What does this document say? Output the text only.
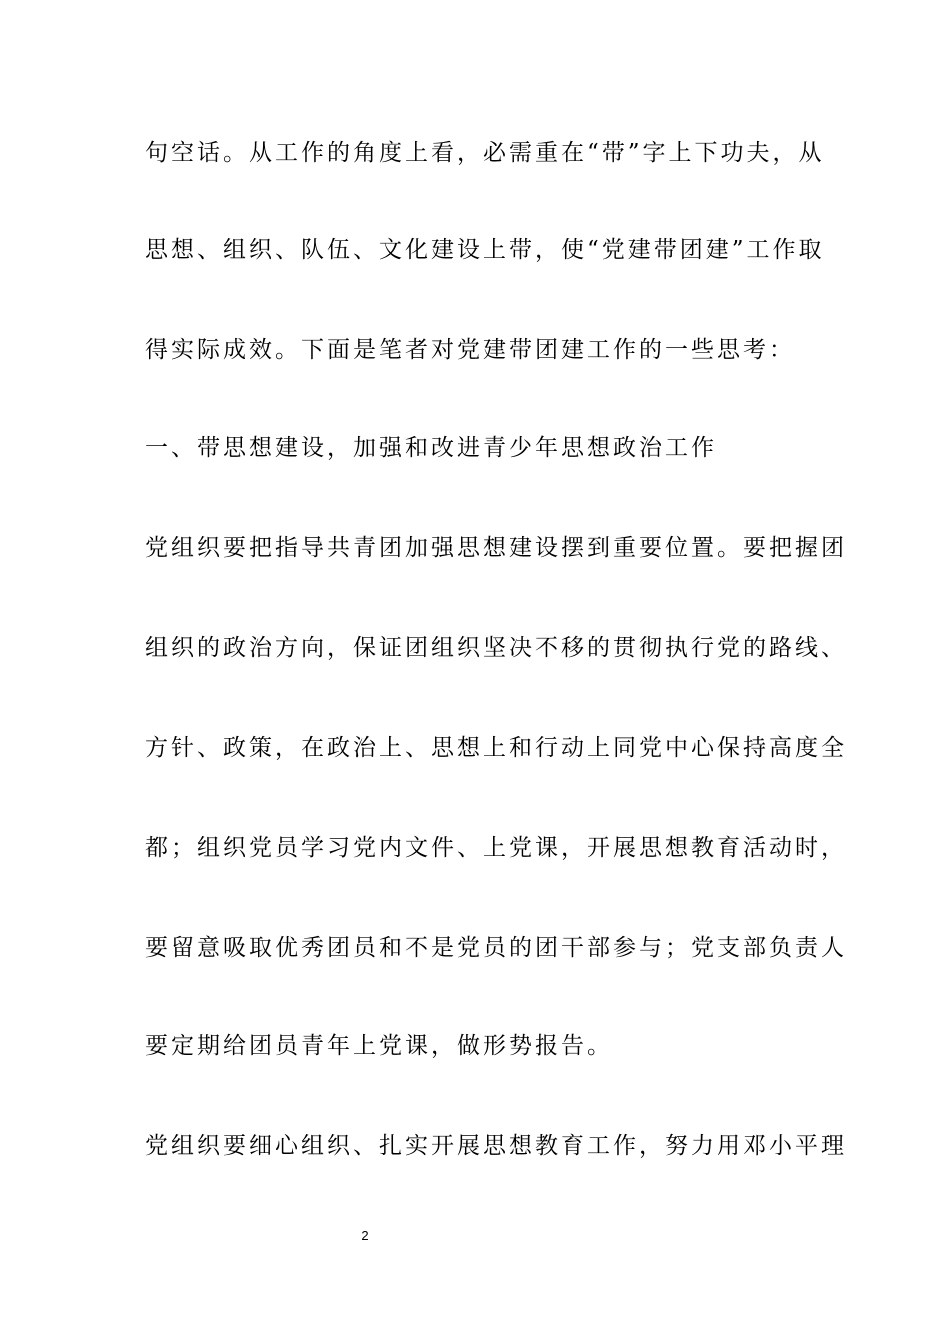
句空话。从工作的角度上看，必需重在“带”字上下功夫，从
思想、组织、队伍、文化建设上带，使“党建带团建”工作取
得实际成效。下面是笔者对党建带团建工作的一些思考：
一、带思想建设，加强和改进青少年思想政治工作
党组织要把指导共青团加强思想建设摆到重要位置。要把握团
组织的政治方向，保证团组织坚决不移的贯彻执行党的路线、
方针、政策，在政治上、思想上和行动上同党中心保持高度全
都；组织党员学习党内文件、上党课，开展思想教育活动时，
要留意吸取优秀团员和不是党员的团干部参与；党支部负责人
要定期给团员青年上党课，做形势报告。
党组织要细心组织、扎实开展思想教育工作，努力用邓小平理
2
